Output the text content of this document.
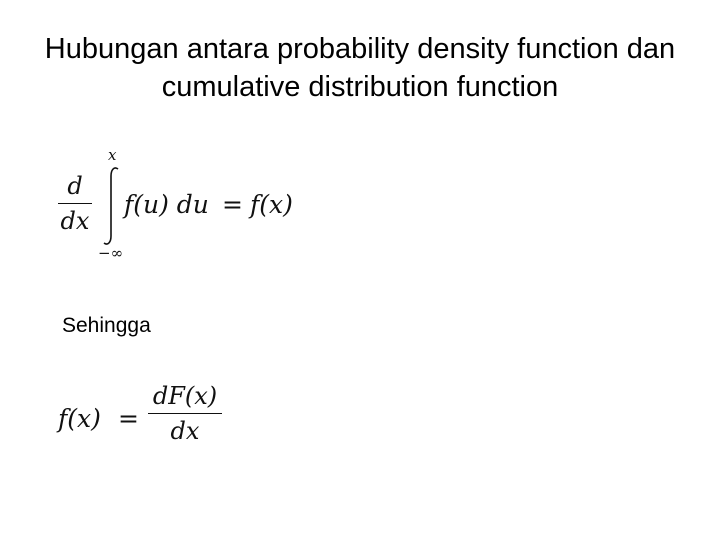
Hubungan antara probability density function dan
cumulative distribution function
d
dx
x
−∞
f(u) du = f(x)
Sehingga
f(x) =
dF(x)
dx
